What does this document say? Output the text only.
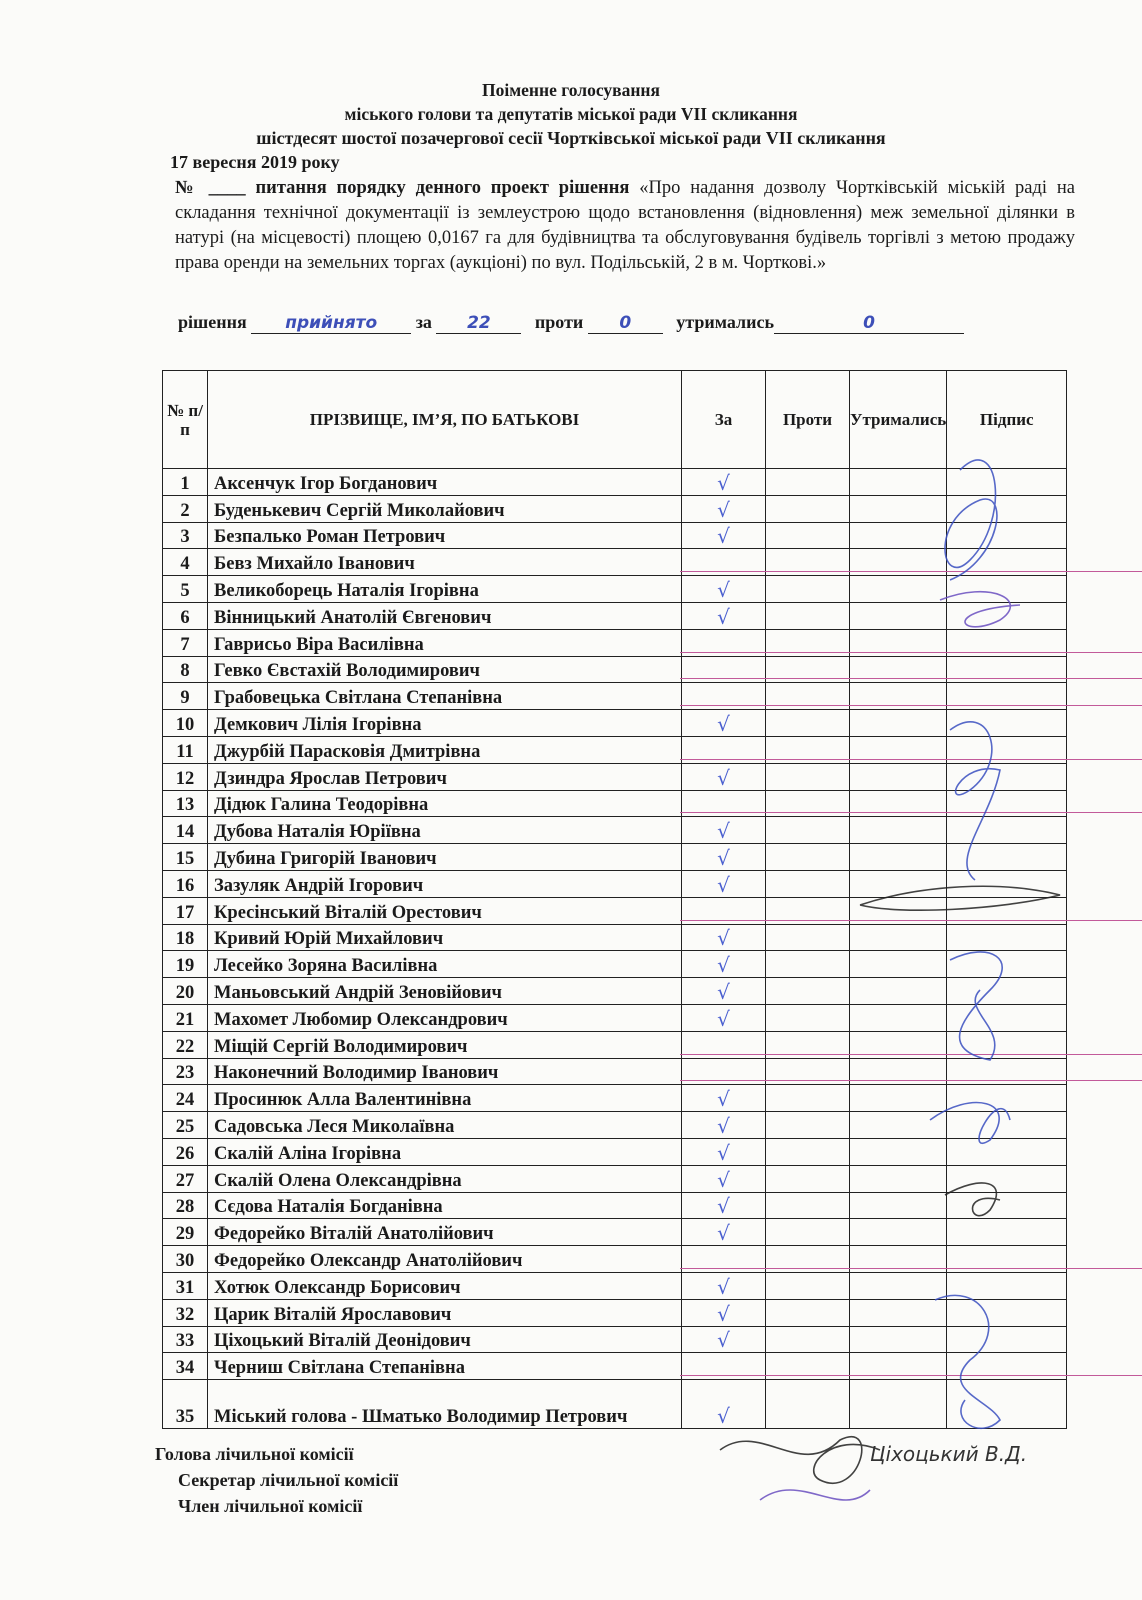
Поіменне голосування
міського голови та депутатів міської ради VII скликання
шістдесят шостої позачергової сесії Чортківської міської ради VII скликання
17 вересня 2019 року
№ ____ питання порядку денного проект рішення «Про надання дозволу Чортківській міській раді на складання технічної документації із землеустрою щодо встановлення (відновлення) меж земельної ділянки в натурі (на місцевості) площею 0,0167 га для будівництва та обслуговування будівель торгівлі з метою продажу права оренди на земельних торгах (аукціоні) по вул. Подільській, 2 в м. Чорткові.»
рішення прийнято за 22 проти 0	утримались	0
№ п/п	ПРІЗВИЩЕ, ІМ’Я, ПО БАТЬКОВІ	За	Проти	Утримались	Підпис
1	Аксенчук Ігор Богданович	√			
2	Буденькевич Сергій Миколайович	√			
3	Безпалько Роман Петрович	√			
4	Бевз Михайло Іванович				
5	Великоборець Наталія Ігорівна	√			
6	Вінницький Анатолій Євгенович	√			
7	Гаврисьо Віра Василівна				
8	Гевко Євстахій Володимирович				
9	Грабовецька Світлана Степанівна				
10	Демкович Лілія Ігорівна	√			
11	Джурбій Парасковія Дмитрівна				
12	Дзиндра Ярослав Петрович	√			
13	Дідюк Галина Теодорівна				
14	Дубова Наталія Юріївна	√			
15	Дубина Григорій Іванович	√			
16	Зазуляк Андрій Ігорович	√			
17	Кресінський Віталій Орестович				
18	Кривий Юрій Михайлович	√			
19	Лесейко Зоряна Василівна	√			
20	Маньовський Андрій Зеновійович	√			
21	Махомет Любомир Олександрович	√			
22	Міщій Сергій Володимирович				
23	Наконечний Володимир Іванович				
24	Просинюк Алла Валентинівна	√			
25	Садовська Леся Миколаївна	√			
26	Скалій Аліна Ігорівна	√			
27	Скалій Олена Олександрівна	√			
28	Сєдова Наталія Богданівна	√			
29	Федорейко Віталій Анатолійович	√			
30	Федорейко Олександр Анатолійович				
31	Хотюк Олександр Борисович	√			
32	Царик Віталій Ярославович	√			
33	Ціхоцький Віталій Деонідович	√			
34	Черниш Світлана Степанівна				
35	Міський голова - Шматько Володимир Петрович	√			
Ціхоцький В.Д.
Голова лічильної комісії
Секретар лічильної комісії
Член лічильної комісії
